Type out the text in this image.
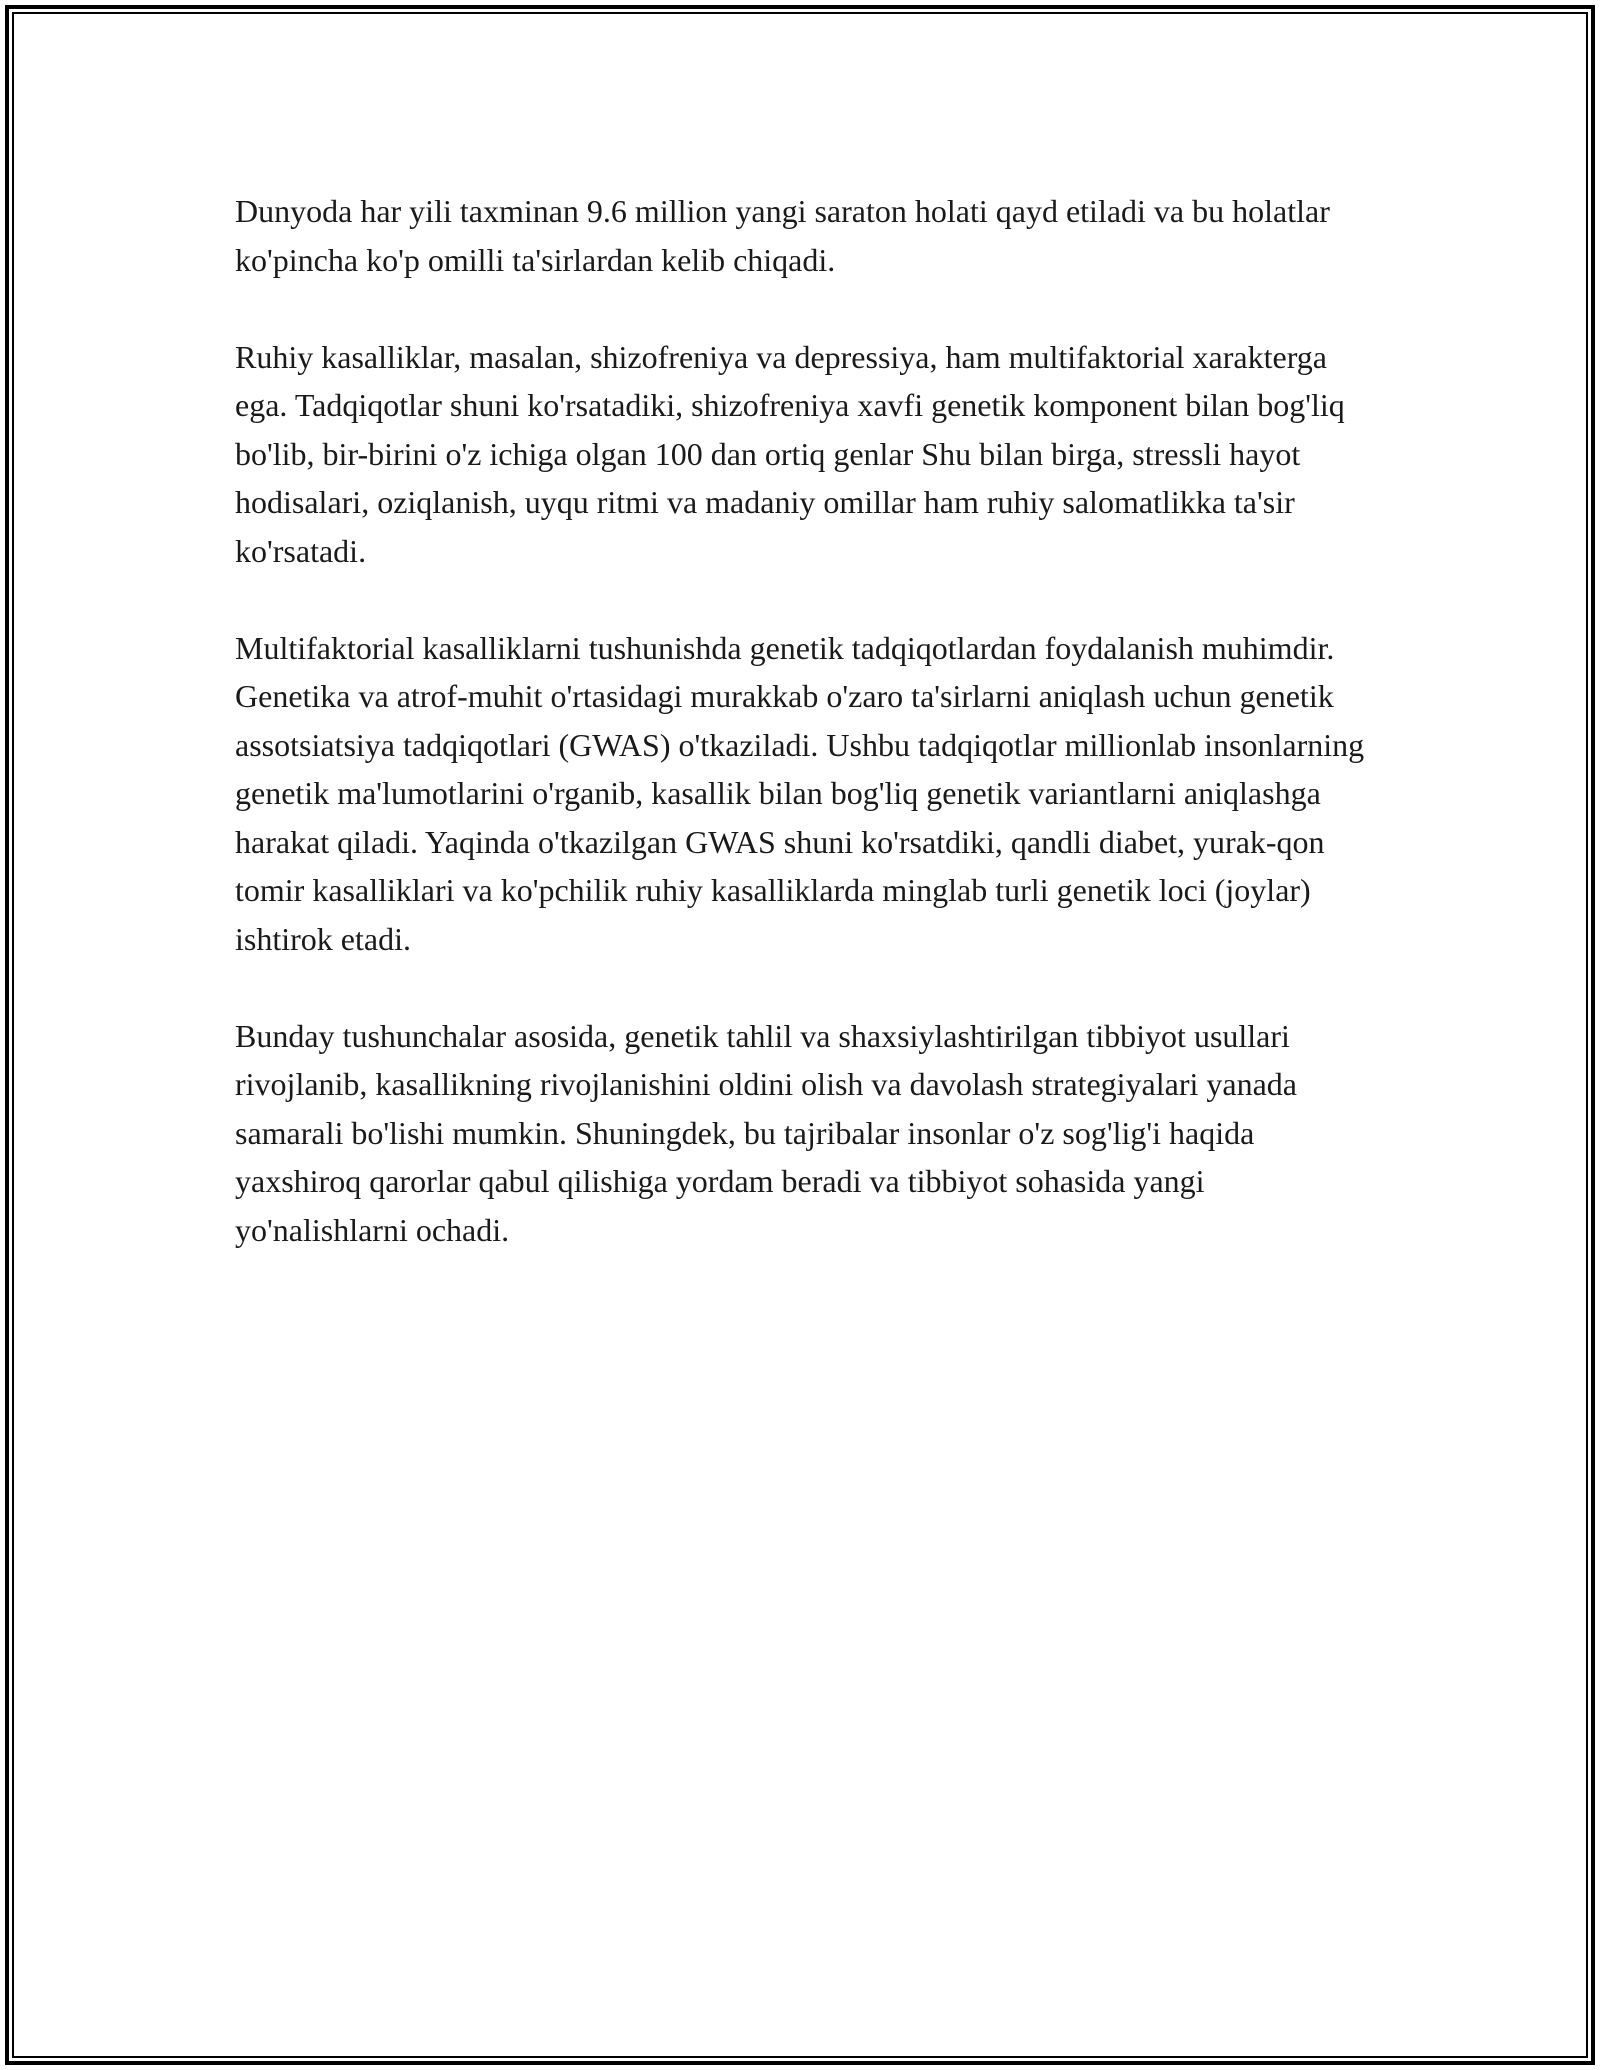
Dunyoda har yili taxminan 9.6 million yangi saraton holati qayd etiladi va bu holatlar ko'pincha ko'p omilli ta'sirlardan kelib chiqadi.

Ruhiy kasalliklar, masalan, shizofreniya va depressiya, ham multifaktorial xarakterga ega. Tadqiqotlar shuni ko'rsatadiki, shizofreniya xavfi genetik komponent bilan bog'liq bo'lib, bir-birini o'z ichiga olgan 100 dan ortiq genlar Shu bilan birga, stressli hayot hodisalari, oziqlanish, uyqu ritmi va madaniy omillar ham ruhiy salomatlikka ta'sir ko'rsatadi.

Multifaktorial kasalliklarni tushunishda genetik tadqiqotlardan foydalanish muhimdir. Genetika va atrof-muhit o'rtasidagi murakkab o'zaro ta'sirlarni aniqlash uchun genetik assotsiatsiya tadqiqotlari (GWAS) o'tkaziladi. Ushbu tadqiqotlar millionlab insonlarning genetik ma'lumotlarini o'rganib, kasallik bilan bog'liq genetik variantlarni aniqlashga harakat qiladi. Yaqinda o'tkazilgan GWAS shuni ko'rsatdiki, qandli diabet, yurak-qon tomir kasalliklari va ko'pchilik ruhiy kasalliklarda minglab turli genetik loci (joylar) ishtirok etadi.

Bunday tushunchalar asosida, genetik tahlil va shaxsiylashtirilgan tibbiyot usullari rivojlanib, kasallikning rivojlanishini oldini olish va davolash strategiyalari yanada samarali bo'lishi mumkin. Shuningdek, bu tajribalar insonlar o'z sog'lig'i haqida yaxshiroq qarorlar qabul qilishiga yordam beradi va tibbiyot sohasida yangi yo'nalishlarni ochadi.
